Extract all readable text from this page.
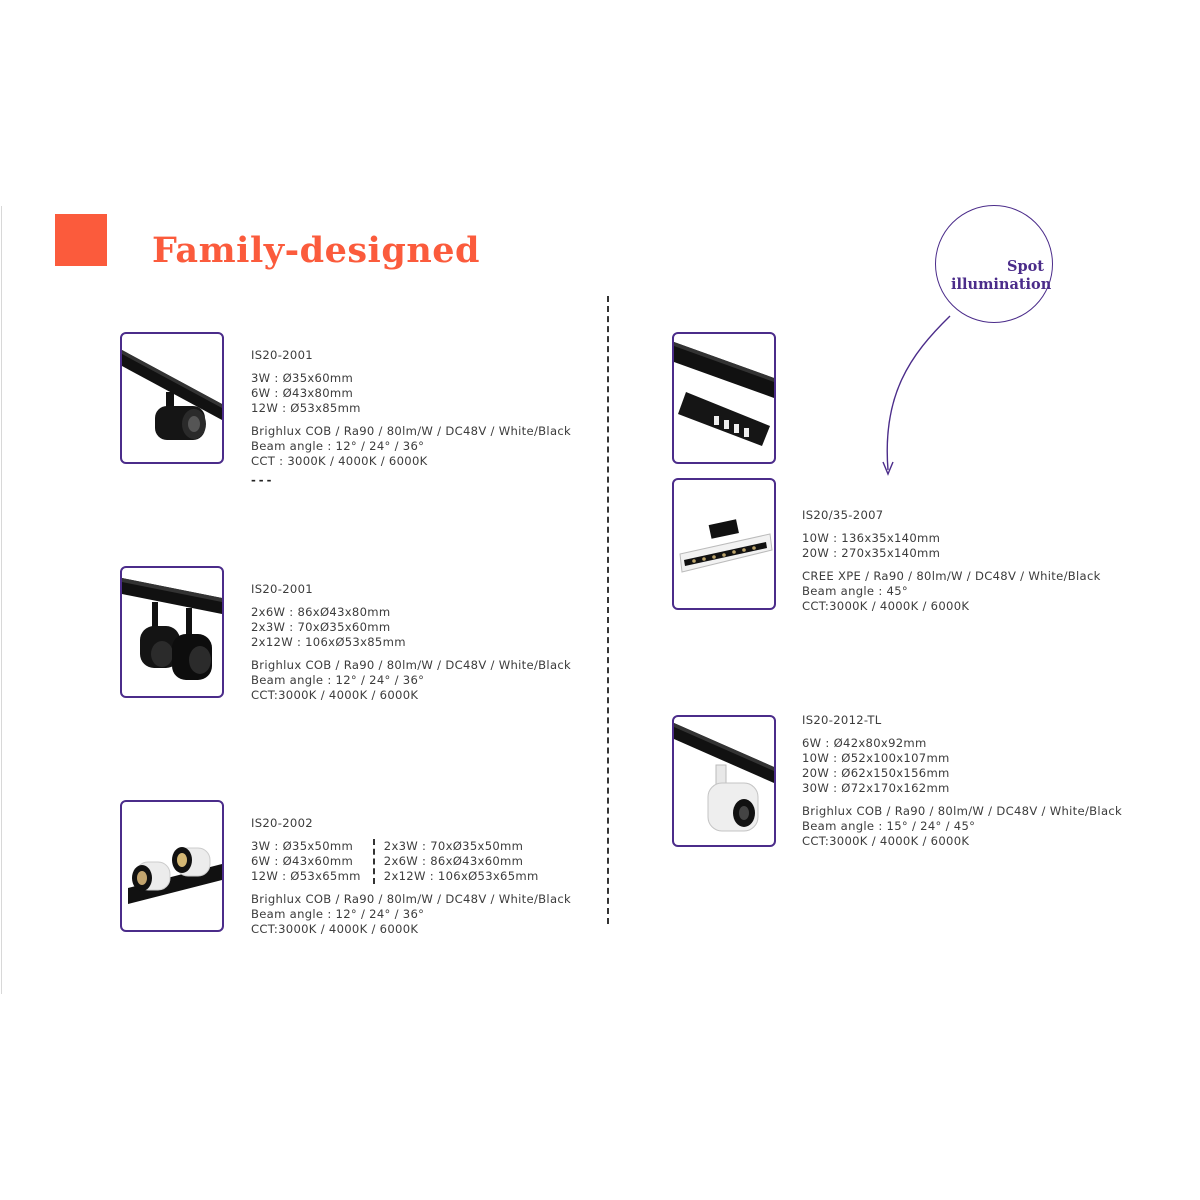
Family-designed	Spot
illumination
IS20-2001
3W : Ø35x60mm
6W : Ø43x80mm
12W : Ø53x85mm
Brighlux COB / Ra90 / 80lm/W / DC48V / White/Black
Beam angle : 12° / 24° / 36°
CCT : 3000K / 4000K / 6000K
---
IS20-2001
2x6W : 86xØ43x80mm
2x3W : 70xØ35x60mm
2x12W : 106xØ53x85mm
Brighlux COB / Ra90 / 80lm/W / DC48V / White/Black
Beam angle : 12° / 24° / 36°
CCT:3000K / 4000K / 6000K
IS20-2002
3W : Ø35x50mm
6W : Ø43x60mm
12W : Ø53x65mm
2x3W : 70xØ35x50mm
2x6W : 86xØ43x60mm
2x12W : 106xØ53x65mm
Brighlux COB / Ra90 / 80lm/W / DC48V / White/Black
Beam angle : 12° / 24° / 36°
CCT:3000K / 4000K / 6000K
IS20/35-2007
10W : 136x35x140mm
20W : 270x35x140mm
CREE XPE / Ra90 / 80lm/W / DC48V / White/Black
Beam angle : 45°
CCT:3000K / 4000K / 6000K
IS20-2012-TL
6W : Ø42x80x92mm
10W : Ø52x100x107mm
20W : Ø62x150x156mm
30W : Ø72x170x162mm
Brighlux COB / Ra90 / 80lm/W / DC48V / White/Black
Beam angle : 15° / 24° / 45°
CCT:3000K / 4000K / 6000K
